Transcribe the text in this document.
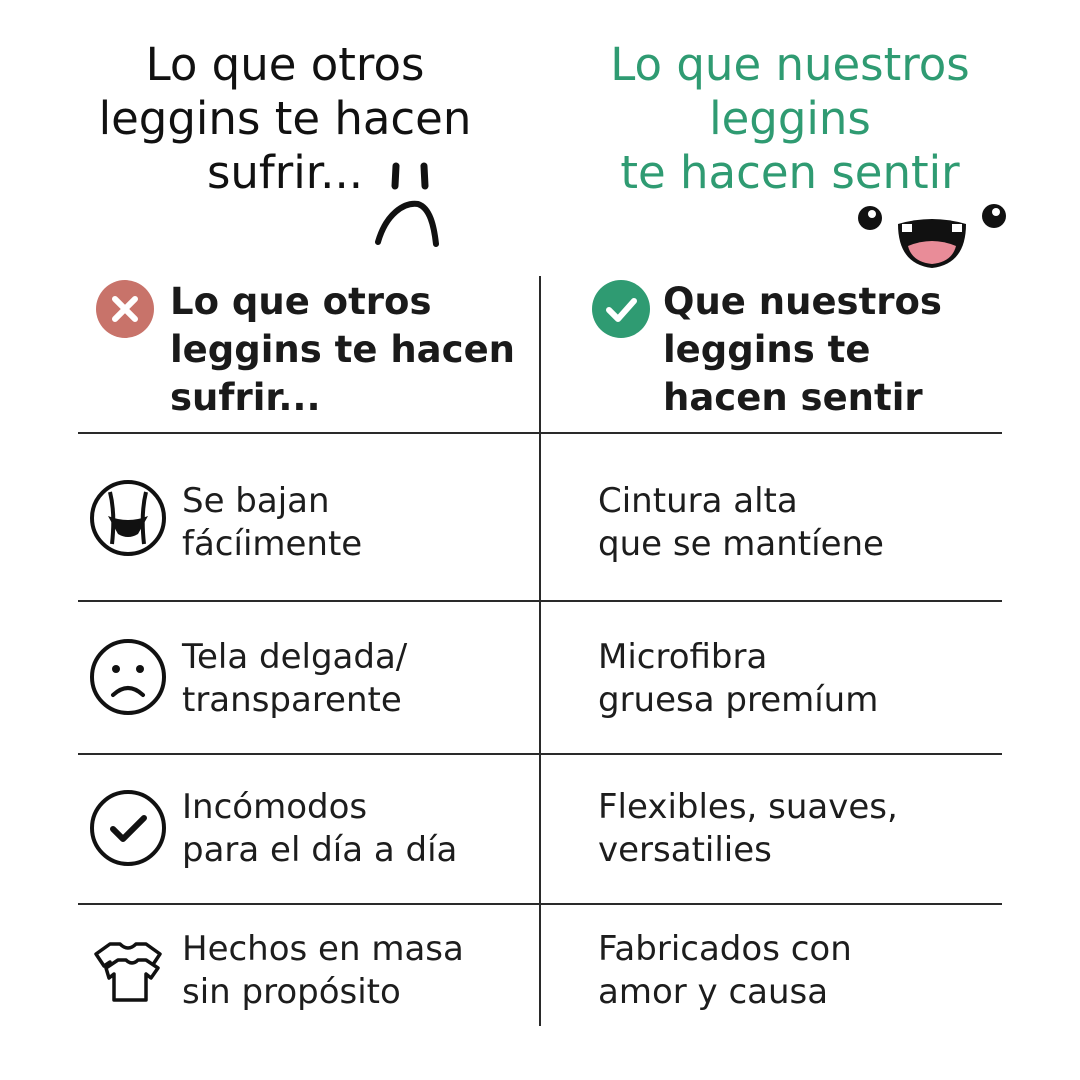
Lo que otros
leggins te hacen
sufrir...
Lo que nuestros
leggins
te hacen sentir
Lo que otros
leggins te hacen
sufrir...
Que nuestros
leggins te
hacen sentir
Se bajan
fácíimente
Cintura alta
que se mantíene
Tela delgada/
transparente
Microfibra
gruesa premíum
Incómodos
para el día a día
Flexibles, suaves,
versatilies
Hechos en masa
sin propósito
Fabricados con
amor y causa
